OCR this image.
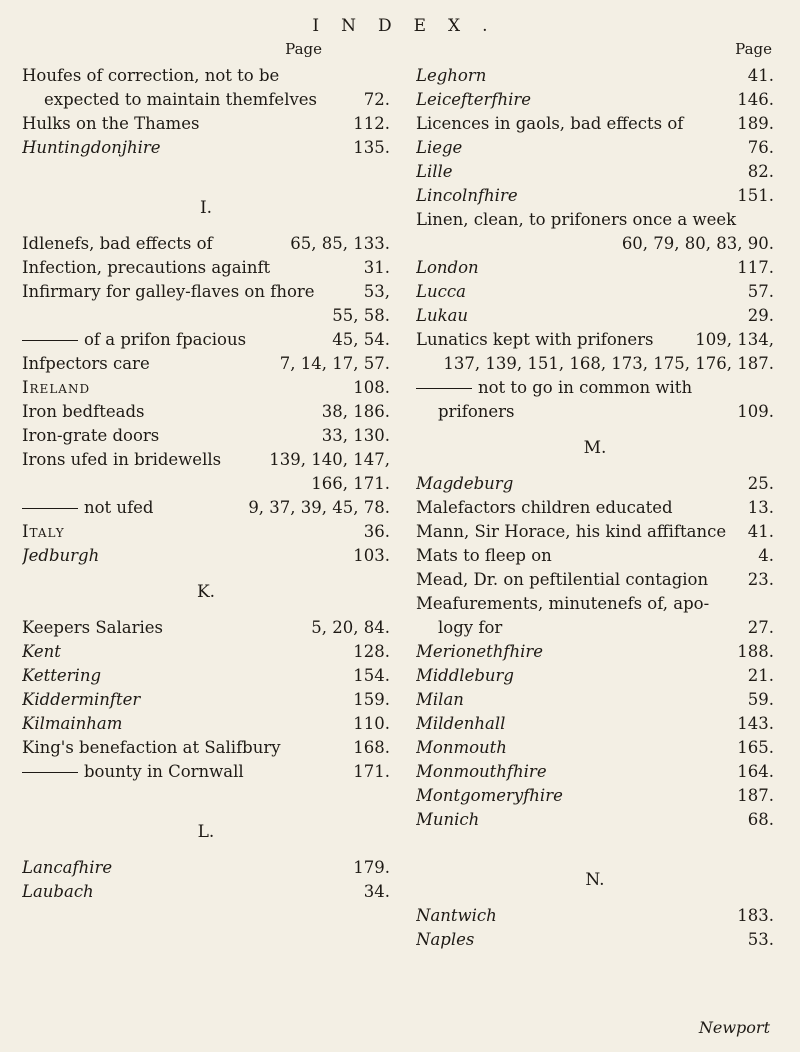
INDEX.
Page
Houfes of correction, not to be
expected to maintain themfelves	72.
Hulks on the Thames	112.
Huntingdonjhire	135.
I.
Idlenefs, bad effects of	65, 85, 133.
Infection, precautions againft	31.
Infirmary for galley-flaves on fhore	53,
55, 58.
of a prifon fpacious	45, 54.
Infpectors care	7, 14, 17, 57.
Ireland	108.
Iron bedfteads	38, 186.
Iron-grate doors	33, 130.
Irons ufed in bridewells	139, 140, 147,
166, 171.
not ufed	9, 37, 39, 45, 78.
Italy	36.
Jedburgh	103.
K.
Keepers Salaries	5, 20, 84.
Kent	128.
Kettering	154.
Kidderminfter	159.
Kilmainham	110.
King's benefaction at Salifbury	168.
bounty in Cornwall	171.
L.
Lancafhire	179.
Laubach	34.
Page
Leghorn	41.
Leicefterfhire	146.
Licences in gaols, bad effects of	189.
Liege	76.
Lille	82.
Lincolnfhire	151.
Linen, clean, to prifoners once a week
60, 79, 80, 83, 90.
London	117.
Lucca	57.
Lukau	29.
Lunatics kept with prifoners	109, 134,
137, 139, 151, 168, 173, 175, 176, 187.
not to go in common with
prifoners	109.
M.
Magdeburg	25.
Malefactors children educated	13.
Mann, Sir Horace, his kind affiftance	41.
Mats to fleep on	4.
Mead, Dr. on peftilential contagion	23.
Meafurements, minutenefs of, apo-
logy for	27.
Merionethfhire	188.
Middleburg	21.
Milan	59.
Mildenhall	143.
Monmouth	165.
Monmouthfhire	164.
Montgomeryfhire	187.
Munich	68.
N.
Nantwich	183.
Naples	53.
Newport
